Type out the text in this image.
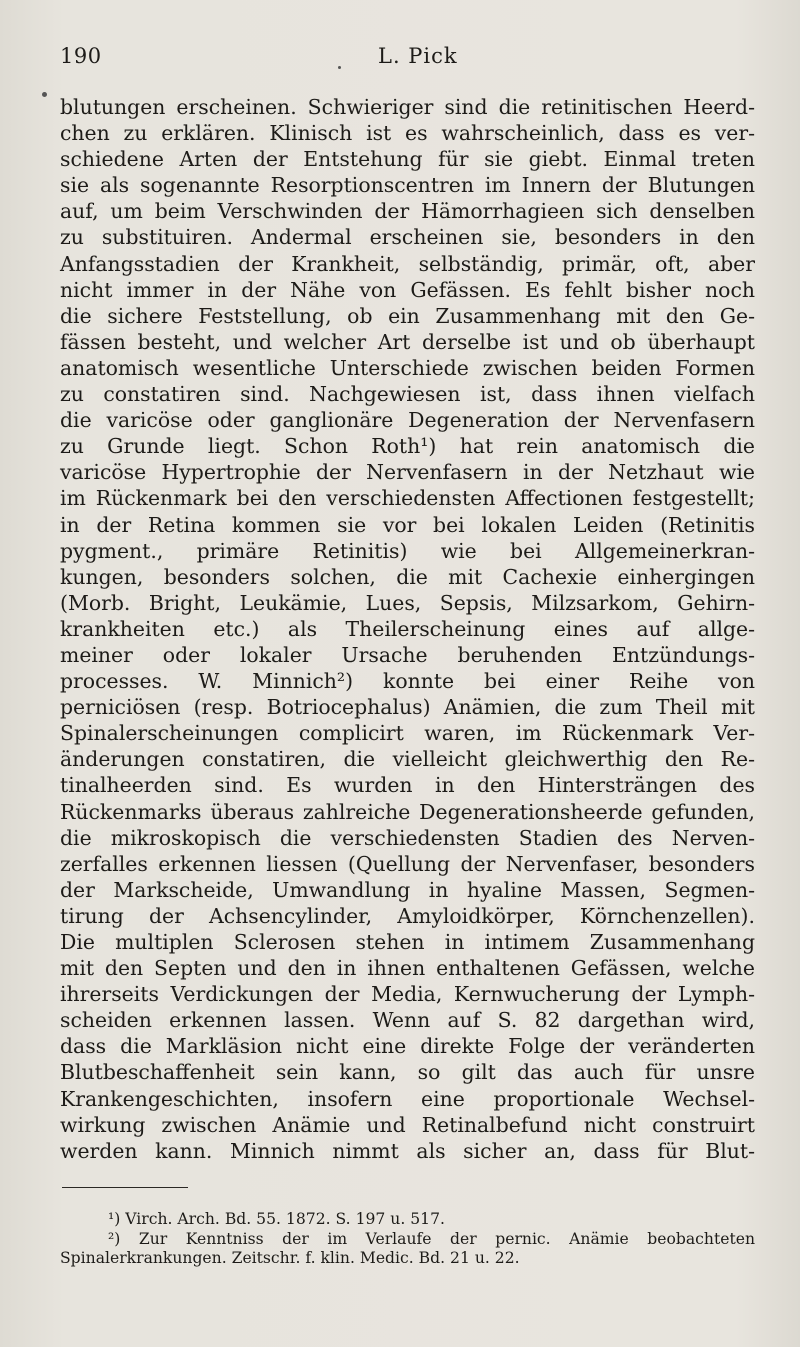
190	L. Pick
blutungen erscheinen. Schwieriger sind die retinitischen Heerd-
chen zu erklären. Klinisch ist es wahrscheinlich, dass es ver-
schiedene Arten der Entstehung für sie giebt. Einmal treten
sie als sogenannte Resorptionscentren im Innern der Blutungen
auf, um beim Verschwinden der Hämorrhagieen sich denselben
zu substituiren. Andermal erscheinen sie, besonders in den
Anfangsstadien der Krankheit, selbständig, primär, oft, aber
nicht immer in der Nähe von Gefässen. Es fehlt bisher noch
die sichere Feststellung, ob ein Zusammenhang mit den Ge-
fässen besteht, und welcher Art derselbe ist und ob überhaupt
anatomisch wesentliche Unterschiede zwischen beiden Formen
zu constatiren sind. Nachgewiesen ist, dass ihnen vielfach
die varicöse oder ganglionäre Degeneration der Nervenfasern
zu Grunde liegt. Schon Roth¹) hat rein anatomisch die
varicöse Hypertrophie der Nervenfasern in der Netzhaut wie
im Rückenmark bei den verschiedensten Affectionen festgestellt;
in der Retina kommen sie vor bei lokalen Leiden (Retinitis
pygment., primäre Retinitis) wie bei Allgemeinerkran-
kungen, besonders solchen, die mit Cachexie einhergingen
(Morb. Bright, Leukämie, Lues, Sepsis, Milzsarkom, Gehirn-
krankheiten etc.) als Theilerscheinung eines auf allge-
meiner oder lokaler Ursache beruhenden Entzündungs-
processes. W. Minnich²) konnte bei einer Reihe von
perniciösen (resp. Botriocephalus) Anämien, die zum Theil mit
Spinalerscheinungen complicirt waren, im Rückenmark Ver-
änderungen constatiren, die vielleicht gleichwerthig den Re-
tinalheerden sind. Es wurden in den Hintersträngen des
Rückenmarks überaus zahlreiche Degenerationsheerde gefunden,
die mikroskopisch die verschiedensten Stadien des Nerven-
zerfalles erkennen liessen (Quellung der Nervenfaser, besonders
der Markscheide, Umwandlung in hyaline Massen, Segmen-
tirung der Achsencylinder, Amyloidkörper, Körnchenzellen).
Die multiplen Sclerosen stehen in intimem Zusammenhang
mit den Septen und den in ihnen enthaltenen Gefässen, welche
ihrerseits Verdickungen der Media, Kernwucherung der Lymph-
scheiden erkennen lassen. Wenn auf S. 82 dargethan wird,
dass die Markläsion nicht eine direkte Folge der veränderten
Blutbeschaffenheit sein kann, so gilt das auch für unsre
Krankengeschichten, insofern eine proportionale Wechsel-
wirkung zwischen Anämie und Retinalbefund nicht construirt
werden kann. Minnich nimmt als sicher an, dass für Blut-
¹) Virch. Arch. Bd. 55. 1872. S. 197 u. 517.
²) Zur Kenntniss der im Verlaufe der pernic. Anämie beobachteten
Spinalerkrankungen. Zeitschr. f. klin. Medic. Bd. 21 u. 22.
